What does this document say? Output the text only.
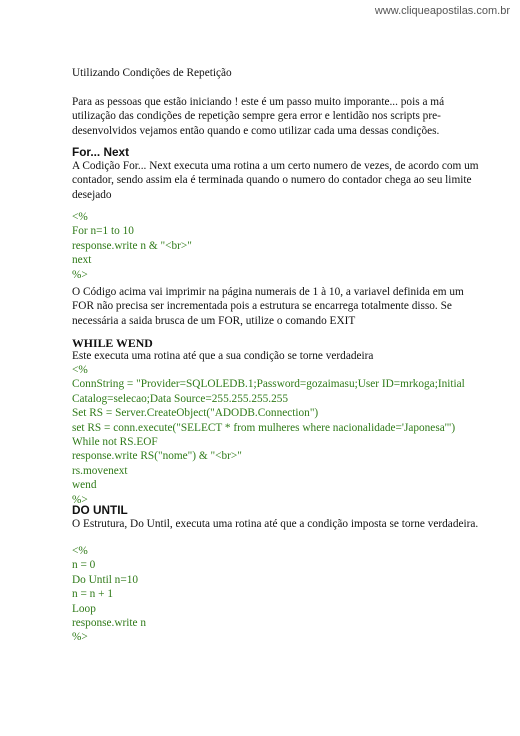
www.cliqueapostilas.com.br

Utilizando Condições de Repetição

Para as pessoas que estão iniciando ! este é um passo muito imporante... pois a má
utilização das condições de repetição sempre gera error e lentidão nos scripts pre-
desenvolvidos vejamos então quando e como utilizar cada uma dessas condições.

For... Next

A Codição For... Next executa uma rotina a um certo numero de vezes, de acordo com um
contador, sendo assim ela é terminada quando o numero do contador chega ao seu limite
desejado
<%
For n=1 to 10
response.write n & "<br>"
next
%>
O Código acima vai imprimir na página numerais de 1 à 10, a variavel definida em um
FOR não precisa ser incrementada pois a estrutura se encarrega totalmente disso. Se
necessária a saida brusca de um FOR, utilize o comando EXIT

WHILE WEND

Este executa uma rotina até que a sua condição se torne verdadeira

<%
ConnString = "Provider=SQLOLEDB.1;Password=gozaimasu;User ID=mrkoga;Initial
Catalog=selecao;Data Source=255.255.255.255
Set RS = Server.CreateObject("ADODB.Connection")
set RS = conn.execute("SELECT * from mulheres where nacionalidade='Japonesa'")
While not RS.EOF
response.write RS("nome") & "<br>"
rs.movenext
wend
%>

DO UNTIL

O Estrutura, Do Until, executa uma rotina até que a condição imposta se torne verdadeira.

<%
n = 0
Do Until n=10
n = n + 1
Loop
response.write n
%>
